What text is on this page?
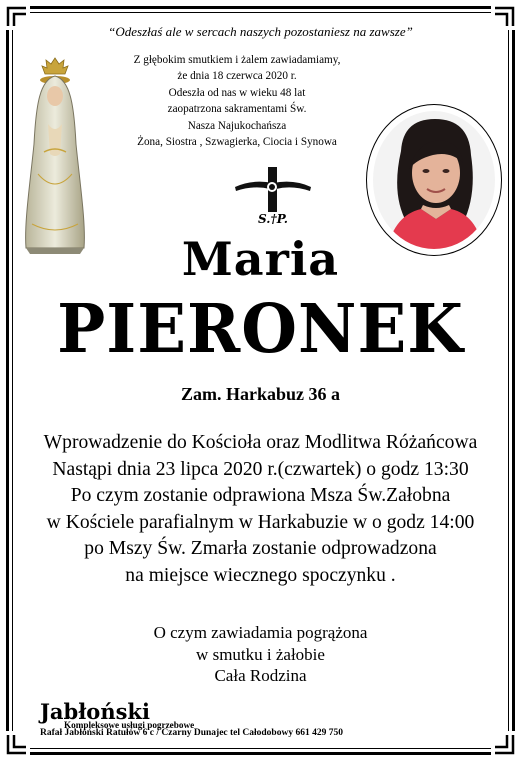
“Odeszłaś ale w sercach naszych pozostaniesz na zawsze”
Z głębokim smutkiem i żalem zawiadamiamy,
że dnia 18 czerwca 2020 r.
Odeszła od nas w wieku 48 lat
zaopatrzona sakramentami Św.
Nasza Najukochańsza
Żona, Siostra , Szwagierka, Ciocia i Synowa
S.†P.
Maria
PIERONEK
Zam. Harkabuz 36 a
Wprowadzenie do Kościoła oraz Modlitwa Różańcowa
Nastąpi dnia 23 lipca 2020 r.(czwartek) o godz 13:30
Po czym zostanie odprawiona Msza Św.Załobna
w Kościele parafialnym w Harkabuzie w o godz 14:00
po Mszy Św. Zmarła zostanie odprowadzona
na miejsce wiecznego spoczynku .
O czym zawiadamia pogrążona
w smutku i żałobie
Cała Rodzina
Jabłoński
Kompleksowe usługi pogrzebowe
Rafał Jabłoński Ratułów 6 c / Czarny Dunajec tel Całodobowy 661 429 750
